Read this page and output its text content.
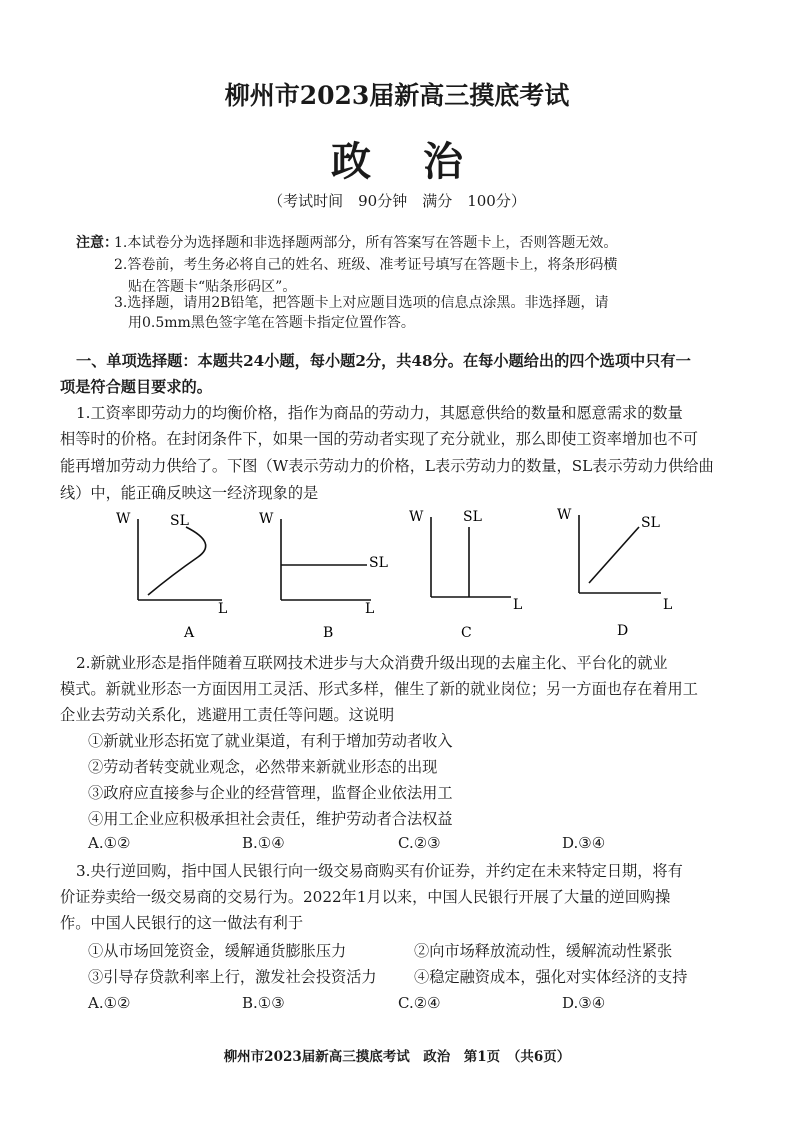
柳州市2023届新高三摸底考试
政治
（考试时间　90分钟　满分　100分）
注意：
1.本试卷分为选择题和非选择题两部分，所有答案写在答题卡上，否则答题无效。
2.答卷前，考生务必将自己的姓名、班级、准考证号填写在答题卡上，将条形码横
贴在答题卡“贴条形码区”。
3.选择题，请用2B铅笔，把答题卡上对应题目选项的信息点涂黑。非选择题，请
用0.5mm黑色签字笔在答题卡指定位置作答。
一、单项选择题：本题共24小题，每小题2分，共48分。在每小题给出的四个选项中只有一
项是符合题目要求的。
1.工资率即劳动力的均衡价格，指作为商品的劳动力，其愿意供给的数量和愿意需求的数量
相等时的价格。在封闭条件下，如果一国的劳动者实现了充分就业，那么即使工资率增加也不可
能再增加劳动力供给了。下图（W表示劳动力的价格，L表示劳动力的数量，SL表示劳动力供给曲
线）中，能正确反映这一经济现象的是
W	SL
L
A
W
SL
L
B
W	SL
L
C
W	SL
L
D
2.新就业形态是指伴随着互联网技术进步与大众消费升级出现的去雇主化、平台化的就业
模式。新就业形态一方面因用工灵活、形式多样，催生了新的就业岗位；另一方面也存在着用工
企业去劳动关系化，逃避用工责任等问题。这说明
①新就业形态拓宽了就业渠道，有利于增加劳动者收入
②劳动者转变就业观念，必然带来新就业形态的出现
③政府应直接参与企业的经营管理，监督企业依法用工
④用工企业应积极承担社会责任，维护劳动者合法权益
A.①②	B.①④	C.②③	D.③④
3.央行逆回购，指中国人民银行向一级交易商购买有价证券，并约定在未来特定日期，将有
价证券卖给一级交易商的交易行为。2022年1月以来，中国人民银行开展了大量的逆回购操
作。中国人民银行的这一做法有利于
①从市场回笼资金，缓解通货膨胀压力	②向市场释放流动性，缓解流动性紧张
③引导存贷款利率上行，激发社会投资活力 ④稳定融资成本，强化对实体经济的支持
A.①②	B.①③	C.②④	D.③④
柳州市2023届新高三摸底考试　政治　第1页　（共6页）
